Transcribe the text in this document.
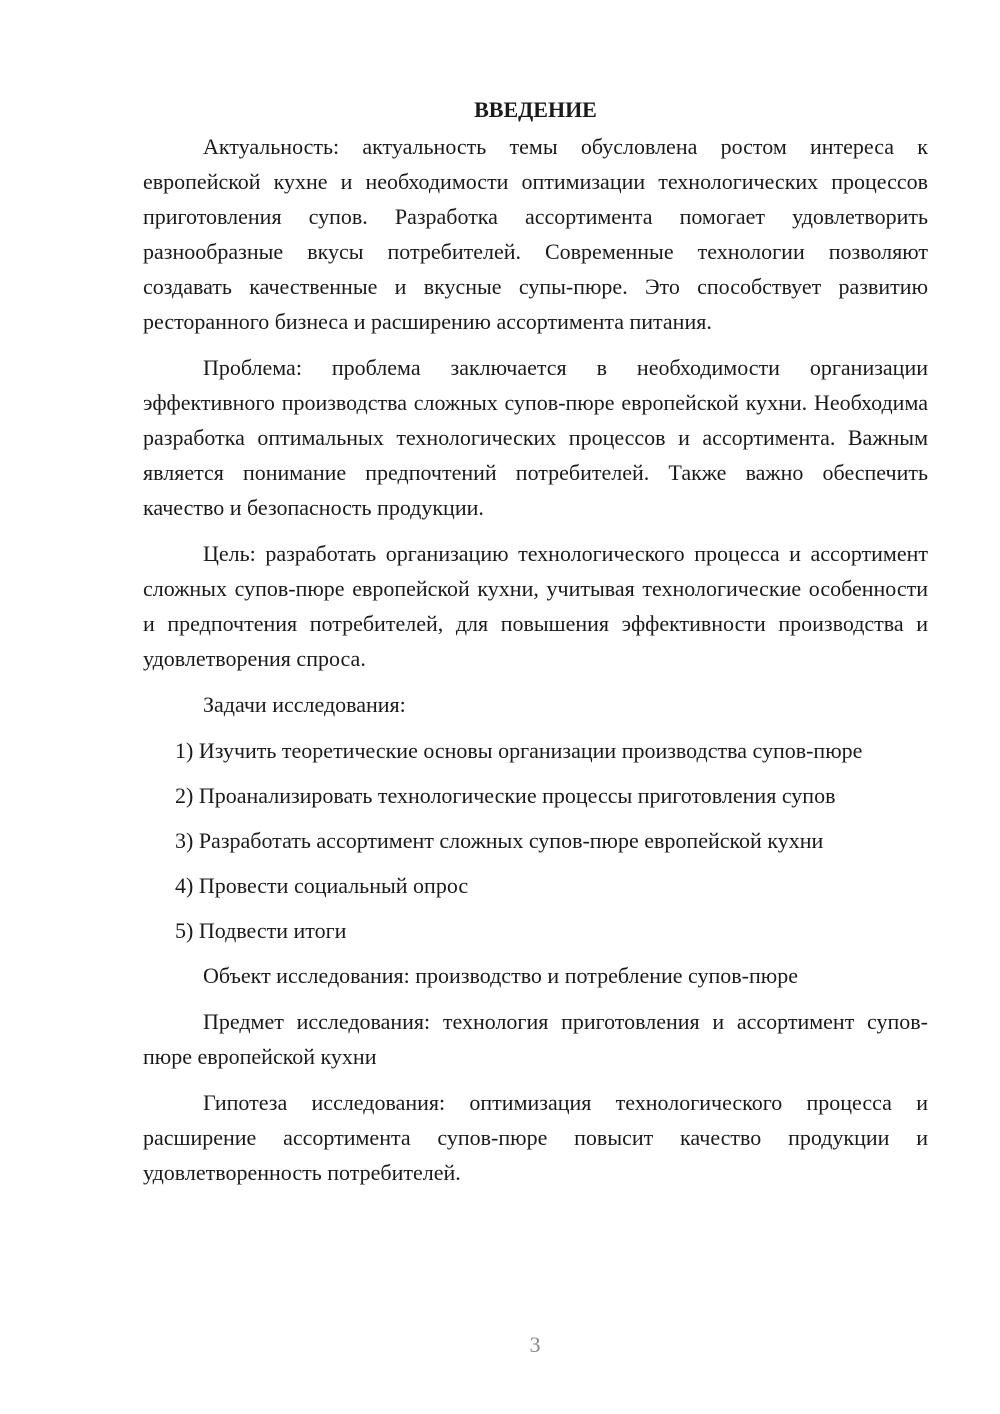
ВВЕДЕНИЕ

Актуальность: актуальность темы обусловлена ростом интереса к европейской кухне и необходимости оптимизации технологических процессов приготовления супов. Разработка ассортимента помогает удовлетворить разнообразные вкусы потребителей. Современные технологии позволяют создавать качественные и вкусные супы-пюре. Это способствует развитию ресторанного бизнеса и расширению ассортимента питания.

Проблема: проблема заключается в необходимости организации эффективного производства сложных супов-пюре европейской кухни. Необходима разработка оптимальных технологических процессов и ассортимента. Важным является понимание предпочтений потребителей. Также важно обеспечить качество и безопасность продукции.

Цель: разработать организацию технологического процесса и ассортимент сложных супов-пюре европейской кухни, учитывая технологические особенности и предпочтения потребителей, для повышения эффективности производства и удовлетворения спроса.

Задачи исследования:

1) Изучить теоретические основы организации производства супов-пюре

2) Проанализировать технологические процессы приготовления супов

3) Разработать ассортимент сложных супов-пюре европейской кухни

4) Провести социальный опрос

5) Подвести итоги

Объект исследования: производство и потребление супов-пюре

Предмет исследования: технология приготовления и ассортимент супов-пюре европейской кухни

Гипотеза исследования: оптимизация технологического процесса и расширение ассортимента супов-пюре повысит качество продукции и удовлетворенность потребителей.

3
